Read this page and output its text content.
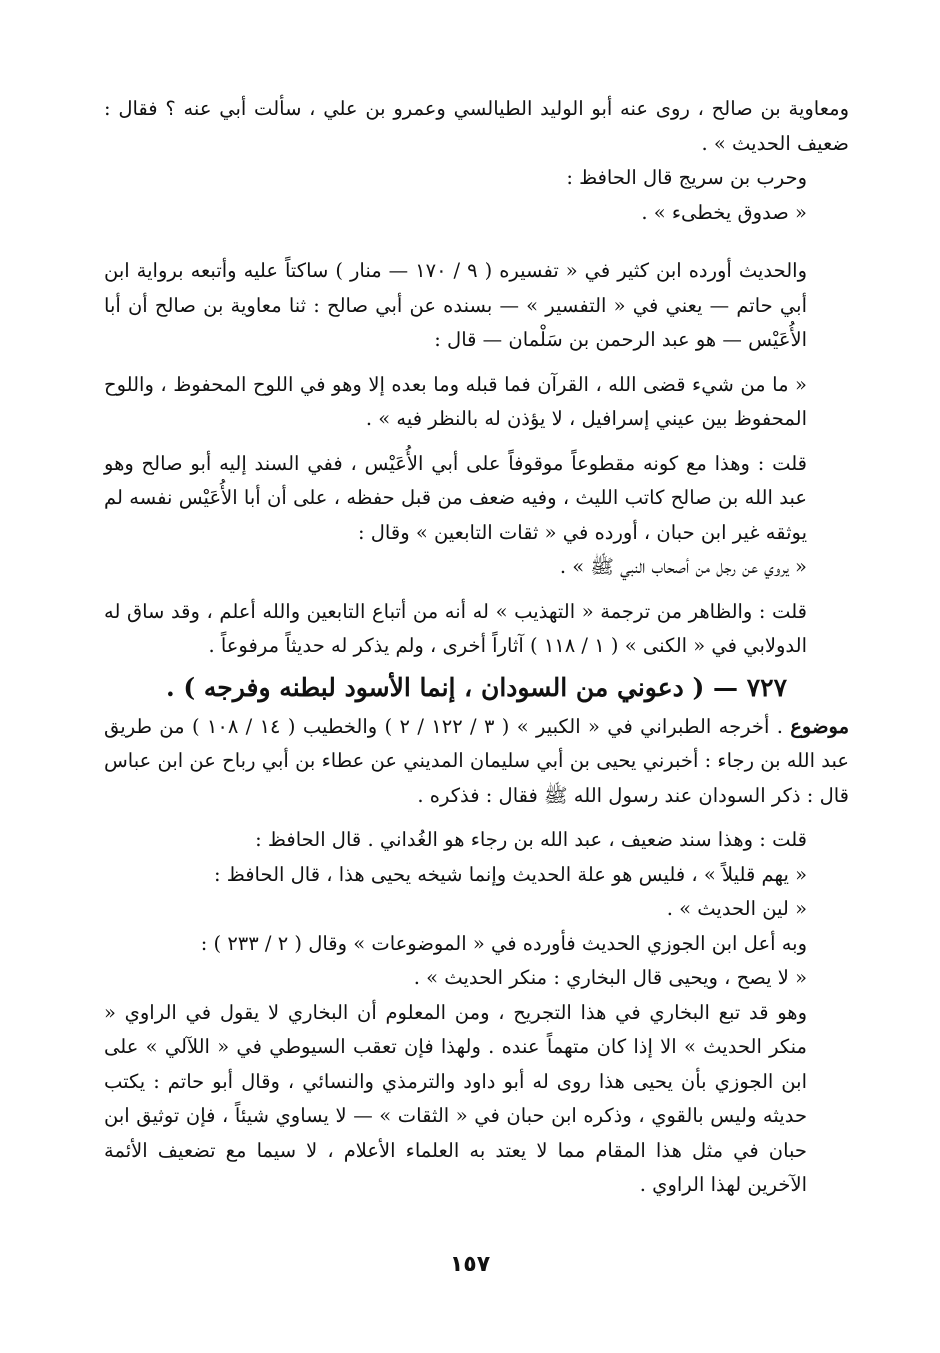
ومعاوية بن صالح ، روى عنه أبو الوليد الطيالسي وعمرو بن علي ، سألت أبي عنه ؟ فقال : ضعيف الحديث » .

وحرب بن سريج قال الحافظ :
« صدوق يخطىء » .

والحديث أورده ابن كثير في « تفسيره ( ٩ / ١٧٠ — منار ) ساكتاً عليه وأتبعه برواية ابن أبي حاتم — يعني في « التفسير » — بسنده عن أبي صالح : ثنا معاوية بن صالح أن أبا الأُعَيْس — هو عبد الرحمن بن سَلْمان — قال :

« ما من شيء قضى الله ، القرآن فما قبله وما بعده إلا وهو في اللوح المحفوظ ، واللوح المحفوظ بين عيني إسرافيل ، لا يؤذن له بالنظر فيه » .

قلت : وهذا مع كونه مقطوعاً موقوفاً على أبي الأُعَيْس ، ففي السند إليه أبو صالح وهو عبد الله بن صالح كاتب الليث ، وفيه ضعف من قبل حفظه ، على أن أبا الأُعَيْس نفسه لم يوثقه غير ابن حبان ، أورده في « ثقات التابعين » وقال :

« يروي عن رجل من أصحاب النبي ﷺ » .

قلت : والظاهر من ترجمة « التهذيب » له أنه من أتباع التابعين والله أعلم ، وقد ساق له الدولابي في « الكنى » ( ١ / ١١٨ ) آثاراً أخرى ، ولم يذكر له حديثاً مرفوعاً .

٧٢٧ — ( دعوني من السودان ، إنما الأسود لبطنه وفرجه ) .

موضوع . أخرجه الطبراني في « الكبير » ( ٣ / ١٢٢ / ٢ ) والخطيب ( ١٤ / ١٠٨ ) من طريق عبد الله بن رجاء : أخبرني يحيى بن أبي سليمان المديني عن عطاء بن أبي رباح عن ابن عباس قال : ذكر السودان عند رسول الله ﷺ فقال : فذكره .

قلت : وهذا سند ضعيف ، عبد الله بن رجاء هو الغُداني . قال الحافظ :
« يهم قليلاً » ، فليس هو علة الحديث وإنما شيخه يحيى هذا ، قال الحافظ :
« لين الحديث » .

وبه أعل ابن الجوزي الحديث فأورده في « الموضوعات » وقال ( ٢ / ٢٣٣ ) :
« لا يصح ، ويحيى قال البخاري : منكر الحديث » .

وهو قد تبع البخاري في هذا التجريح ، ومن المعلوم أن البخاري لا يقول في الراوي « منكر الحديث » الا إذا كان متهماً عنده . ولهذا فإن تعقب السيوطي في « اللآلي » على ابن الجوزي بأن يحيى هذا روى له أبو داود والترمذي والنسائي ، وقال أبو حاتم : يكتب حديثه وليس بالقوي ، وذكره ابن حبان في « الثقات » — لا يساوي شيئاً ، فإن توثيق ابن حبان في مثل هذا المقام مما لا يعتد به العلماء الأعلام ، لا سيما مع تضعيف الأئمة الآخرين لهذا الراوي .

١٥٧
